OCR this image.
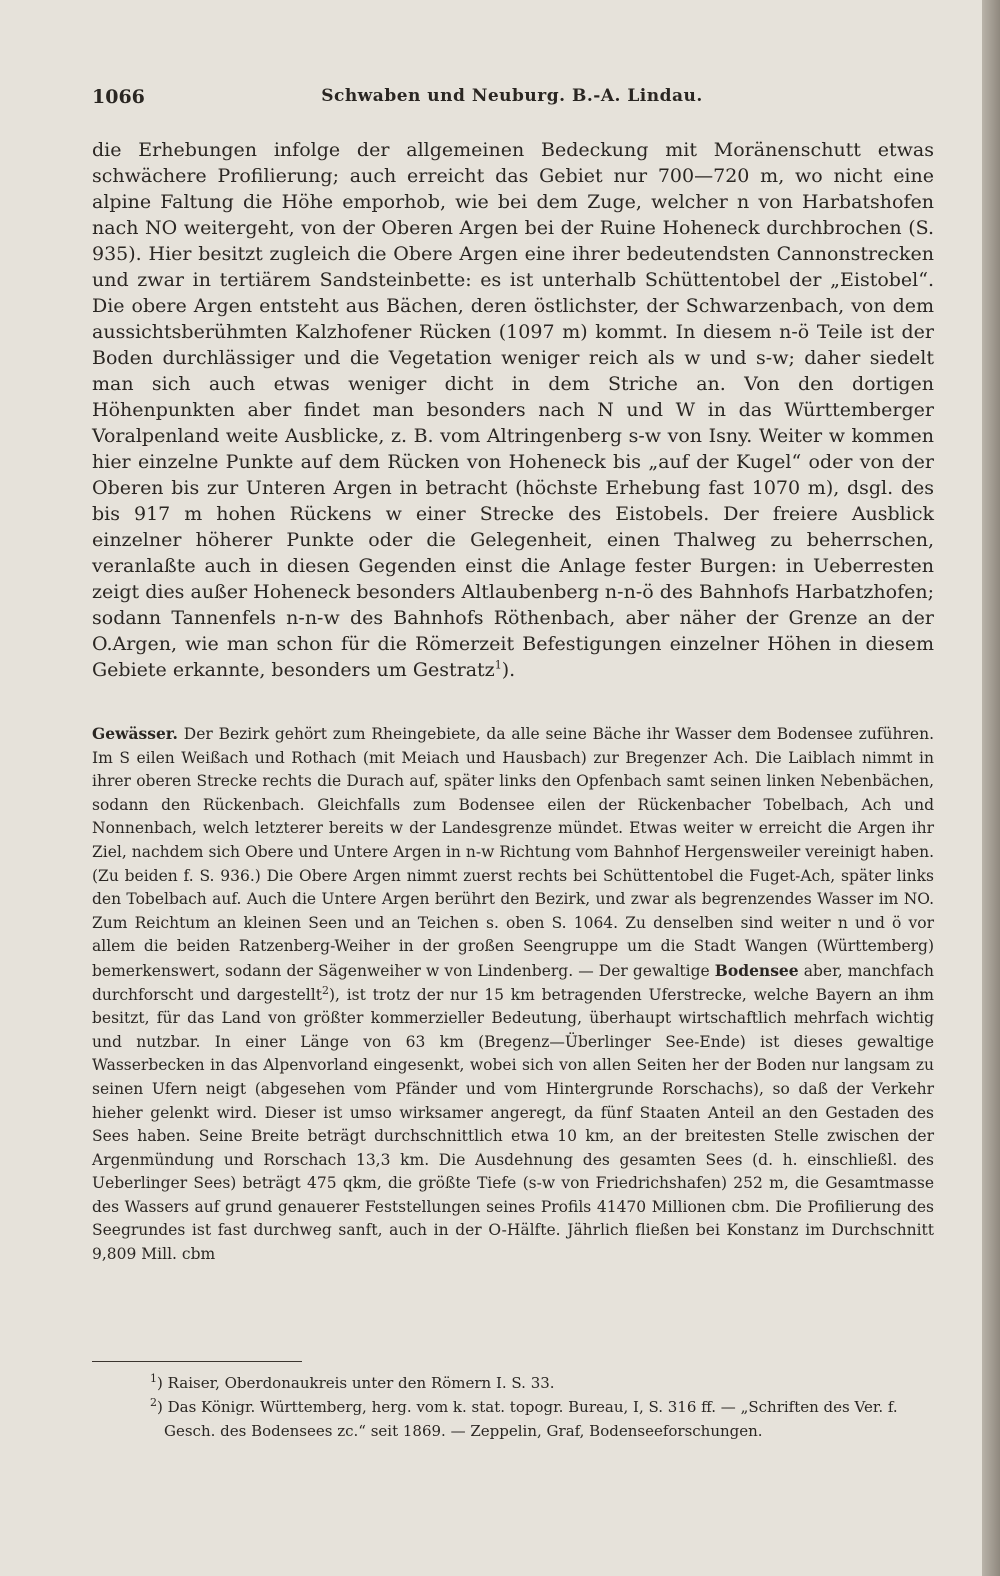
1066	Schwaben und Neuburg. B.-A. Lindau.

die Erhebungen infolge der allgemeinen Bedeckung mit Moränenschutt etwas schwächere Profilierung; auch erreicht das Gebiet nur 700—720 m, wo nicht eine alpine Faltung die Höhe emporhob, wie bei dem Zuge, welcher n von Harbatshofen nach NO weitergeht, von der Oberen Argen bei der Ruine Hoheneck durchbrochen (S. 935). Hier besitzt zugleich die Obere Argen eine ihrer bedeutendsten Cannonstrecken und zwar in tertiärem Sandsteinbette: es ist unterhalb Schüttentobel der „Eistobel“. Die obere Argen entsteht aus Bächen, deren östlichster, der Schwarzenbach, von dem aussichtsberühmten Kalzhofener Rücken (1097 m) kommt. In diesem n-ö Teile ist der Boden durchlässiger und die Vegetation weniger reich als w und s-w; daher siedelt man sich auch etwas weniger dicht in dem Striche an. Von den dortigen Höhenpunkten aber findet man besonders nach N und W in das Württemberger Voralpenland weite Ausblicke, z. B. vom Altringenberg s-w von Isny. Weiter w kommen hier einzelne Punkte auf dem Rücken von Hoheneck bis „auf der Kugel“ oder von der Oberen bis zur Unteren Argen in betracht (höchste Erhebung fast 1070 m), dsgl. des bis 917 m hohen Rückens w einer Strecke des Eistobels. Der freiere Ausblick einzelner höherer Punkte oder die Gelegenheit, einen Thalweg zu beherrschen, veranlaßte auch in diesen Gegenden einst die Anlage fester Burgen: in Ueberresten zeigt dies außer Hoheneck besonders Altlaubenberg n-n-ö des Bahnhofs Harbatzhofen; sodann Tannenfels n-n-w des Bahnhofs Röthenbach, aber näher der Grenze an der O.Argen, wie man schon für die Römerzeit Befestigungen einzelner Höhen in diesem Gebiete erkannte, besonders um Gestratz$^1$).

Gewässer. Der Bezirk gehört zum Rheingebiete, da alle seine Bäche ihr Wasser dem Bodensee zuführen. Im S eilen Weißach und Rothach (mit Meiach und Hausbach) zur Bregenzer Ach. Die Laiblach nimmt in ihrer oberen Strecke rechts die Durach auf, später links den Opfenbach samt seinen linken Nebenbächen, sodann den Rückenbach. Gleichfalls zum Bodensee eilen der Rückenbacher Tobelbach, Ach und Nonnenbach, welch letzterer bereits w der Landesgrenze mündet. Etwas weiter w erreicht die Argen ihr Ziel, nachdem sich Obere und Untere Argen in n-w Richtung vom Bahnhof Hergensweiler vereinigt haben. (Zu beiden f. S. 936.) Die Obere Argen nimmt zuerst rechts bei Schüttentobel die Fuget-Ach, später links den Tobelbach auf. Auch die Untere Argen berührt den Bezirk, und zwar als begrenzendes Wasser im NO. Zum Reichtum an kleinen Seen und an Teichen s. oben S. 1064. Zu denselben sind weiter n und ö vor allem die beiden Ratzenberg-Weiher in der großen Seengruppe um die Stadt Wangen (Württemberg) bemerkenswert, sodann der Sägenweiher w von Lindenberg. — Der gewaltige Bodensee aber, manchfach durchforscht und dargestellt$^2$), ist trotz der nur 15 km betragenden Uferstrecke, welche Bayern an ihm besitzt, für das Land von größter kommerzieller Bedeutung, überhaupt wirtschaftlich mehrfach wichtig und nutzbar. In einer Länge von 63 km (Bregenz—Überlinger See-Ende) ist dieses gewaltige Wasserbecken in das Alpenvorland eingesenkt, wobei sich von allen Seiten her der Boden nur langsam zu seinen Ufern neigt (abgesehen vom Pfänder und vom Hintergrunde Rorschachs), so daß der Verkehr hieher gelenkt wird. Dieser ist umso wirksamer angeregt, da fünf Staaten Anteil an den Gestaden des Sees haben. Seine Breite beträgt durchschnittlich etwa 10 km, an der breitesten Stelle zwischen der Argenmündung und Rorschach 13,3 km. Die Ausdehnung des gesamten Sees (d. h. einschließl. des Ueberlinger Sees) beträgt 475 qkm, die größte Tiefe (s-w von Friedrichshafen) 252 m, die Gesamtmasse des Wassers auf grund genauerer Feststellungen seines Profils 41470 Millionen cbm. Die Profilierung des Seegrundes ist fast durchweg sanft, auch in der O-Hälfte. Jährlich fließen bei Konstanz im Durchschnitt 9,809 Mill. cbm

$^1$) Raiser, Oberdonaukreis unter den Römern I. S. 33.

$^2$) Das Königr. Württemberg, herg. vom k. stat. topogr. Bureau, I, S. 316 ff. — „Schriften des Ver. f. Gesch. des Bodensees zc.“ seit 1869. — Zeppelin, Graf, Bodenseeforschungen.
